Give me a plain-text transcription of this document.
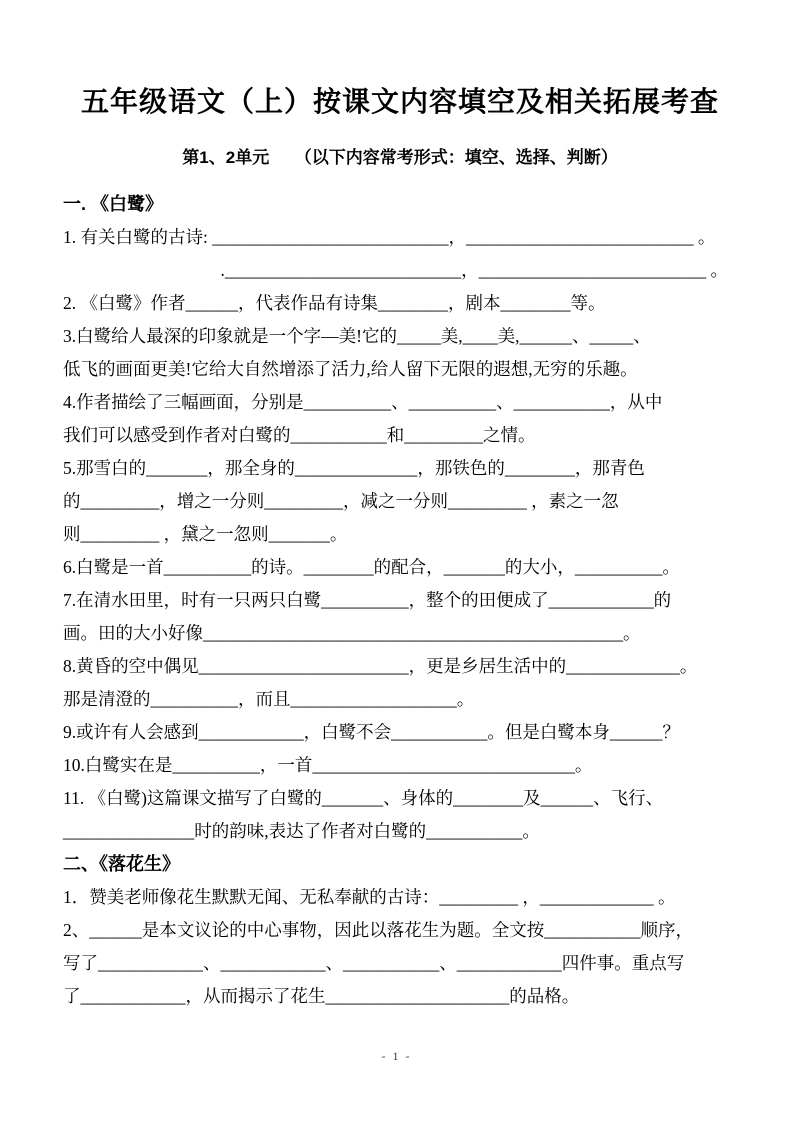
五年级语文（上）按课文内容填空及相关拓展考查
第1、2单元　　（以下内容常考形式：填空、选择、判断）
一. 《白鹭》
1. 有关白鹭的古诗: ___________________________，__________________________ 。
　　　　　　　　　.___________________________，__________________________ 。
2. 《白鹭》作者______，代表作品有诗集________，剧本________等。
3.白鹭给人最深的印象就是一个字—美!它的_____美,____美,______、_____、
低飞的画面更美!它给大自然增添了活力,给人留下无限的遐想,无穷的乐趣。
4.作者描绘了三幅画面，分别是__________、__________、___________，从中
我们可以感受到作者对白鹭的___________和_________之情。
5.那雪白的_______，那全身的______________，那铁色的________，那青色
的_________，增之一分则_________，减之一分则_________ ，素之一忽
则_________ ，黛之一忽则_______。
6.白鹭是一首__________的诗。________的配合，_______的大小，__________。
7.在清水田里，时有一只两只白鹭__________，整个的田便成了____________的
画。田的大小好像________________________________________________。
8.黄昏的空中偶见________________________，更是乡居生活中的_____________。
那是清澄的__________，而且___________________。
9.或许有人会感到____________，白鹭不会___________。但是白鹭本身______？
10.白鹭实在是__________，一首______________________________。
11. 《白鹭)这篇课文描写了白鹭的_______、身体的________及______、飞行、
_______________时的韵味,表达了作者对白鹭的___________。
二、《落花生》
1．赞美老师像花生默默无闻、无私奉献的古诗：_________ ，_____________ 。
2、______是本文议论的中心事物，因此以落花生为题。全文按___________顺序，
写了____________、____________、___________、____________四件事。重点写
了____________，从而揭示了花生_____________________的品格。
- 1 -
